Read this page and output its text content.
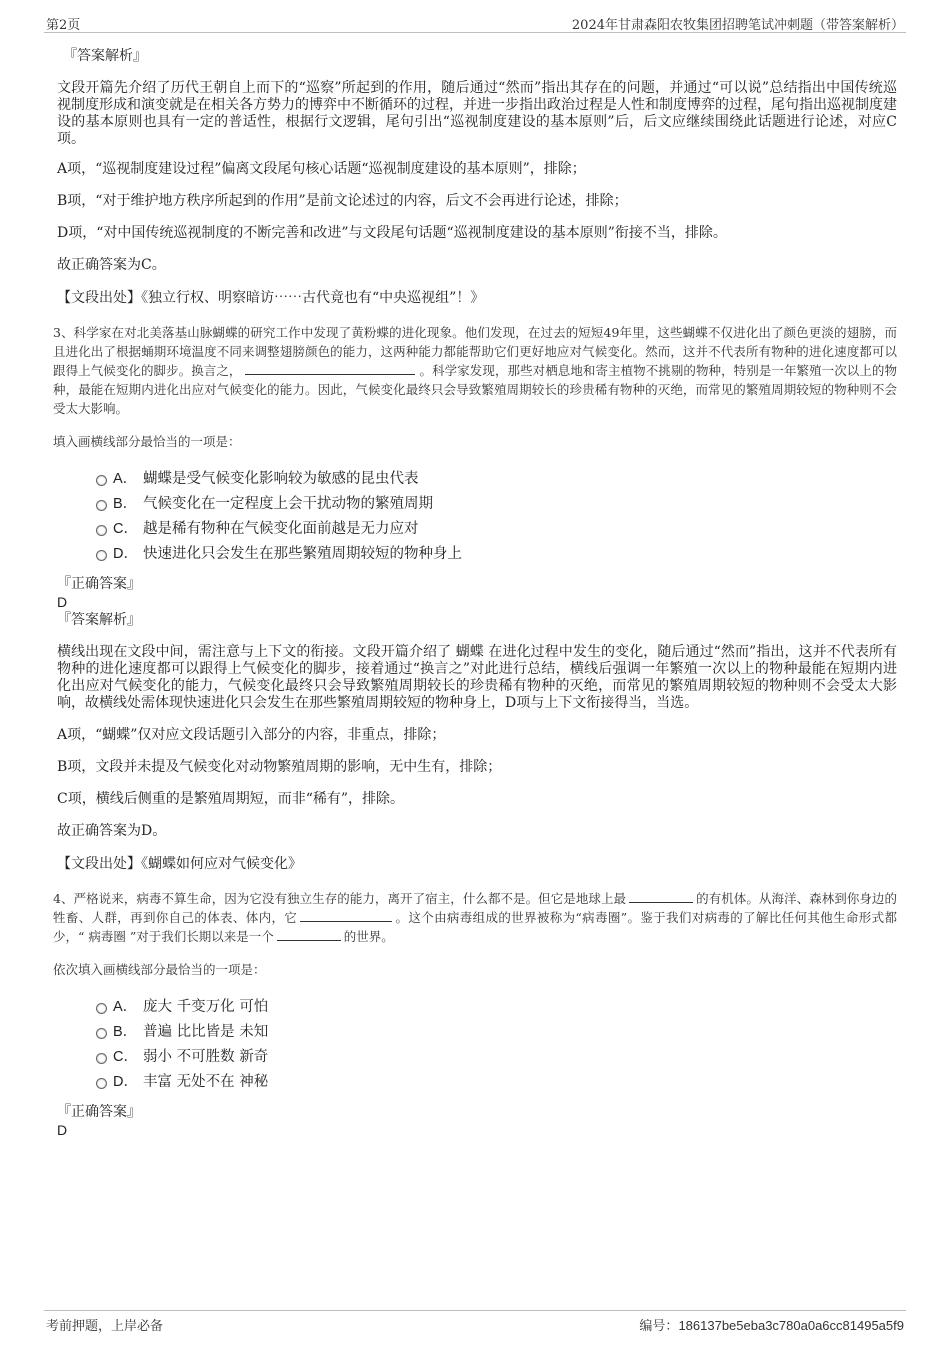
第2页	2024年甘肃森阳农牧集团招聘笔试冲刺题（带答案解析）

『答案解析』

文段开篇先介绍了历代王朝自上而下的“巡察”所起到的作用，随后通过“然而”指出其存在的问题，并通过“可以说”总结指出中国传统巡视制度形成和演变就是在相关各方势力的博弈中不断循环的过程，并进一步指出政治过程是人性和制度博弈的过程，尾句指出巡视制度建设的基本原则也具有一定的普适性，根据行文逻辑，尾句引出“巡视制度建设的基本原则”后，后文应继续围绕此话题进行论述，对应C项。

A项，“巡视制度建设过程”偏离文段尾句核心话题“巡视制度建设的基本原则”，排除；

B项，“对于维护地方秩序所起到的作用”是前文论述过的内容，后文不会再进行论述，排除；

D项，“对中国传统巡视制度的不断完善和改进”与文段尾句话题“巡视制度建设的基本原则”衔接不当，排除。

故正确答案为C。

【文段出处】《独立行权、明察暗访⋯⋯古代竟也有“中央巡视组”！》

3、科学家在对北美落基山脉蝴蝶的研究工作中发现了黄粉蝶的进化现象。他们发现，在过去的短短49年里，这些蝴蝶不仅进化出了颜色更淡的翅膀，而且进化出了根据蛹期环境温度不同来调整翅膀颜色的能力，这两种能力都能帮助它们更好地应对气候变化。然而，这并不代表所有物种的进化速度都可以跟得上气候变化的脚步。换言之，	。科学家发现，那些对栖息地和寄主植物不挑剔的物种，特别是一年繁殖一次以上的物种，最能在短期内进化出应对气候变化的能力。因此，气候变化最终只会导致繁殖周期较长的珍贵稀有物种的灭绝，而常见的繁殖周期较短的物种则不会受太大影响。

填入画横线部分最恰当的一项是：

A． 蝴蝶是受气候变化影响较为敏感的昆虫代表
B． 气候变化在一定程度上会干扰动物的繁殖周期
C． 越是稀有物种在气候变化面前越是无力应对
D． 快速进化只会发生在那些繁殖周期较短的物种身上

『正确答案』

D

『答案解析』

横线出现在文段中间，需注意与上下文的衔接。文段开篇介绍了 蝴蝶 在进化过程中发生的变化，随后通过“然而”指出，这并不代表所有物种的进化速度都可以跟得上气候变化的脚步，接着通过“换言之”对此进行总结，横线后强调一年繁殖一次以上的物种最能在短期内进化出应对气候变化的能力，气候变化最终只会导致繁殖周期较长的珍贵稀有物种的灭绝，而常见的繁殖周期较短的物种则不会受太大影响，故横线处需体现快速进化只会发生在那些繁殖周期较短的物种身上，D项与上下文衔接得当，当选。

A项，“蝴蝶”仅对应文段话题引入部分的内容，非重点，排除；

B项，文段并未提及气候变化对动物繁殖周期的影响，无中生有，排除；

C项，横线后侧重的是繁殖周期短，而非“稀有”，排除。

故正确答案为D。

【文段出处】《蝴蝶如何应对气候变化》

4、严格说来，病毒不算生命，因为它没有独立生存的能力，离开了宿主，什么都不是。但它是地球上最	的有机体。从海洋、森林到你身边的牲畜、人群，再到你自己的体表、体内，它	。这个由病毒组成的世界被称为“病毒圈”。鉴于我们对病毒的了解比任何其他生命形式都少，“ 病毒圈 ”对于我们长期以来是一个	的世界。

依次填入画横线部分最恰当的一项是：

A． 庞大 千变万化 可怕
B． 普遍 比比皆是 未知
C． 弱小 不可胜数 新奇
D． 丰富 无处不在 神秘

『正确答案』

D
考前押题，上岸必备	编号：186137be5eba3c780a0a6cc81495a5f9
